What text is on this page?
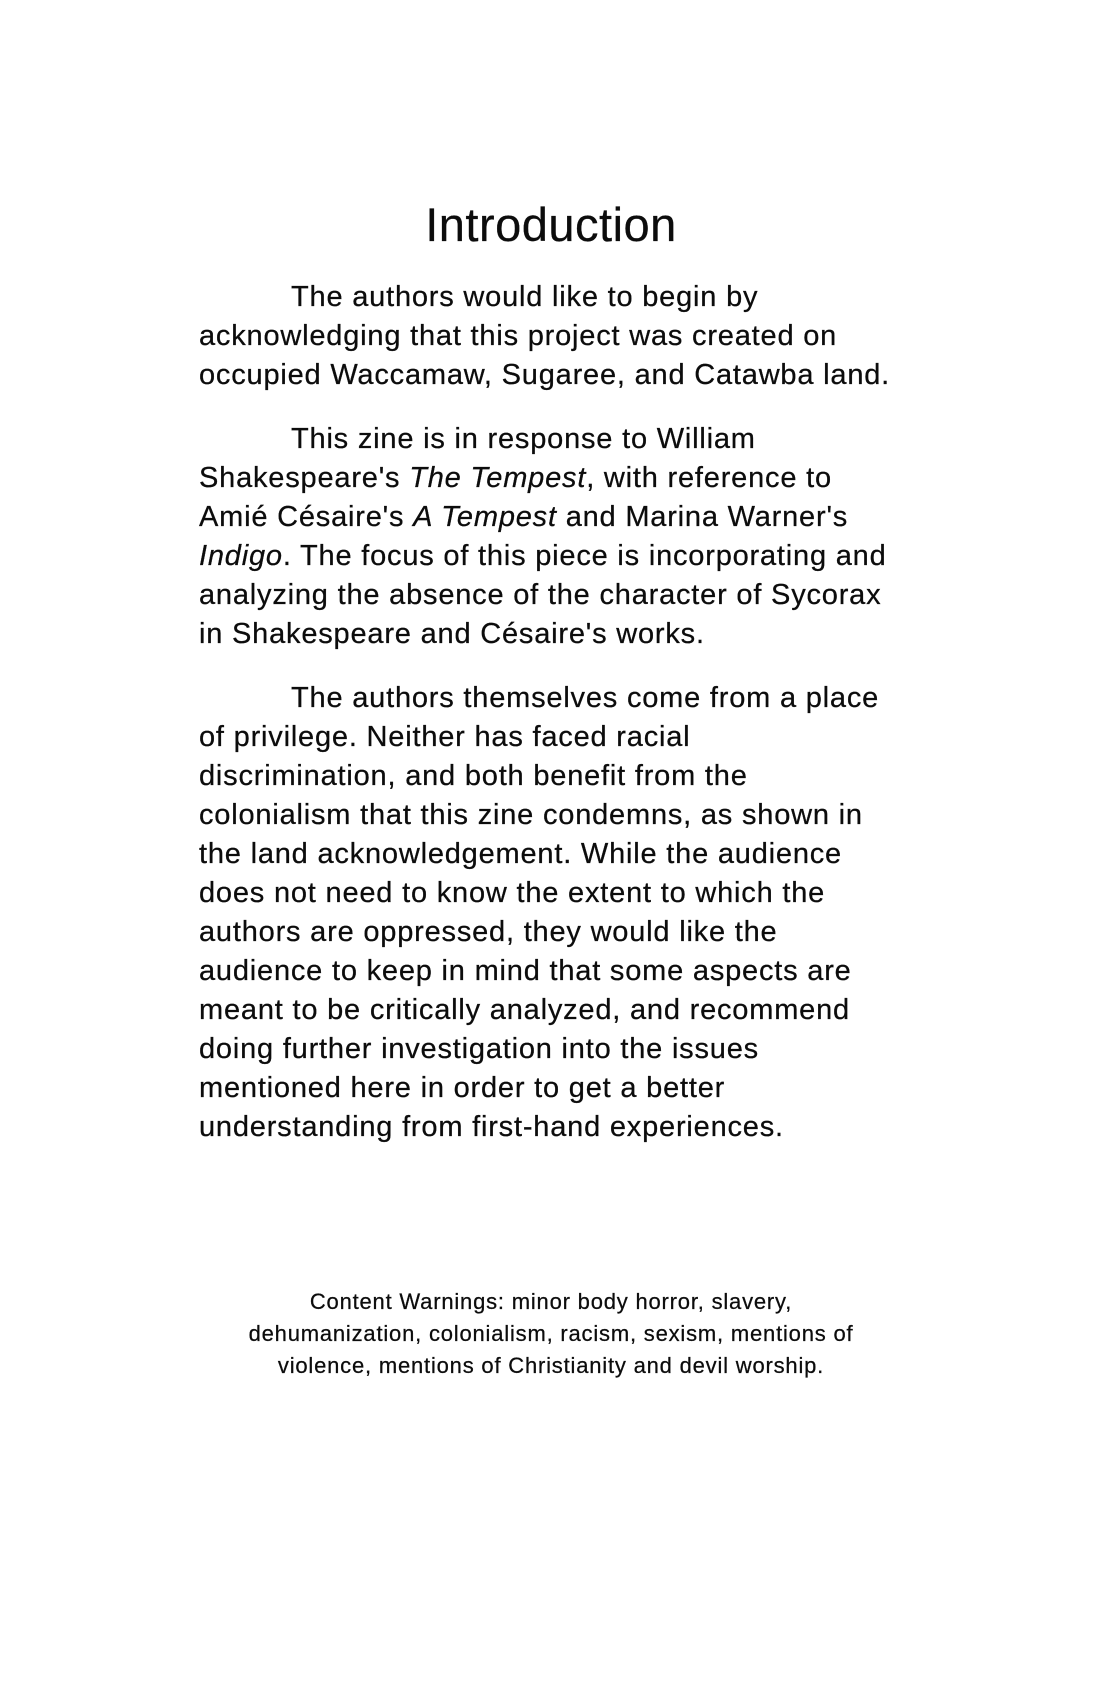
Introduction

The authors would like to begin by
acknowledging that this project was created on
occupied Waccamaw, Sugaree, and Catawba land.

This zine is in response to William
Shakespeare's The Tempest, with reference to
Amié Césaire's A Tempest and Marina Warner's
Indigo. The focus of this piece is incorporating and
analyzing the absence of the character of Sycorax
in Shakespeare and Césaire's works.

The authors themselves come from a place
of privilege. Neither has faced racial
discrimination, and both benefit from the
colonialism that this zine condemns, as shown in
the land acknowledgement. While the audience
does not need to know the extent to which the
authors are oppressed, they would like the
audience to keep in mind that some aspects are
meant to be critically analyzed, and recommend
doing further investigation into the issues
mentioned here in order to get a better
understanding from first-hand experiences.

Content Warnings: minor body horror, slavery,
dehumanization, colonialism, racism, sexism, mentions of
violence, mentions of Christianity and devil worship.
